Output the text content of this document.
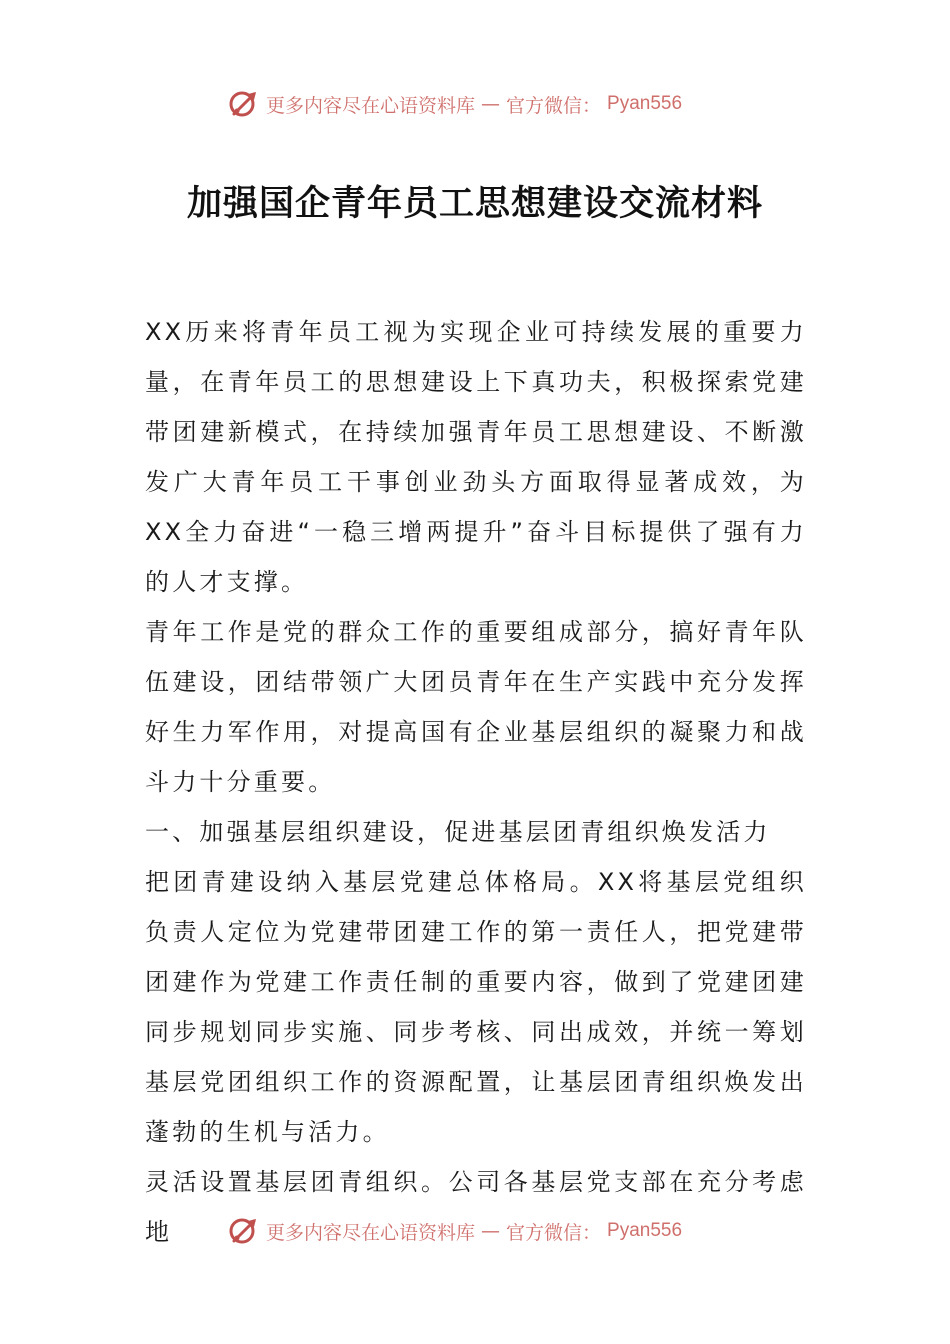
更多内容尽在心语资料库 — 官方微信： Pyan556
加强国企青年员工思想建设交流材料

XX历来将青年员工视为实现企业可持续发展的重要力量，在青年员工的思想建设上下真功夫，积极探索党建带团建新模式，在持续加强青年员工思想建设、不断激发广大青年员工干事创业劲头方面取得显著成效，为XX全力奋进“一稳三增两提升”奋斗目标提供了强有力的人才支撑。

青年工作是党的群众工作的重要组成部分，搞好青年队伍建设，团结带领广大团员青年在生产实践中充分发挥好生力军作用，对提高国有企业基层组织的凝聚力和战斗力十分重要。

一、加强基层组织建设，促进基层团青组织焕发活力

把团青建设纳入基层党建总体格局。XX将基层党组织负责人定位为党建带团建工作的第一责任人，把党建带团建作为党建工作责任制的重要内容，做到了党建团建同步规划同步实施、同步考核、同出成效，并统一筹划基层党团组织工作的资源配置，让基层团青组织焕发出蓬勃的生机与活力。

灵活设置基层团青组织。公司各基层党支部在充分考虑地	更多内容尽在心语资料库 — 官方微信： Pyan556
